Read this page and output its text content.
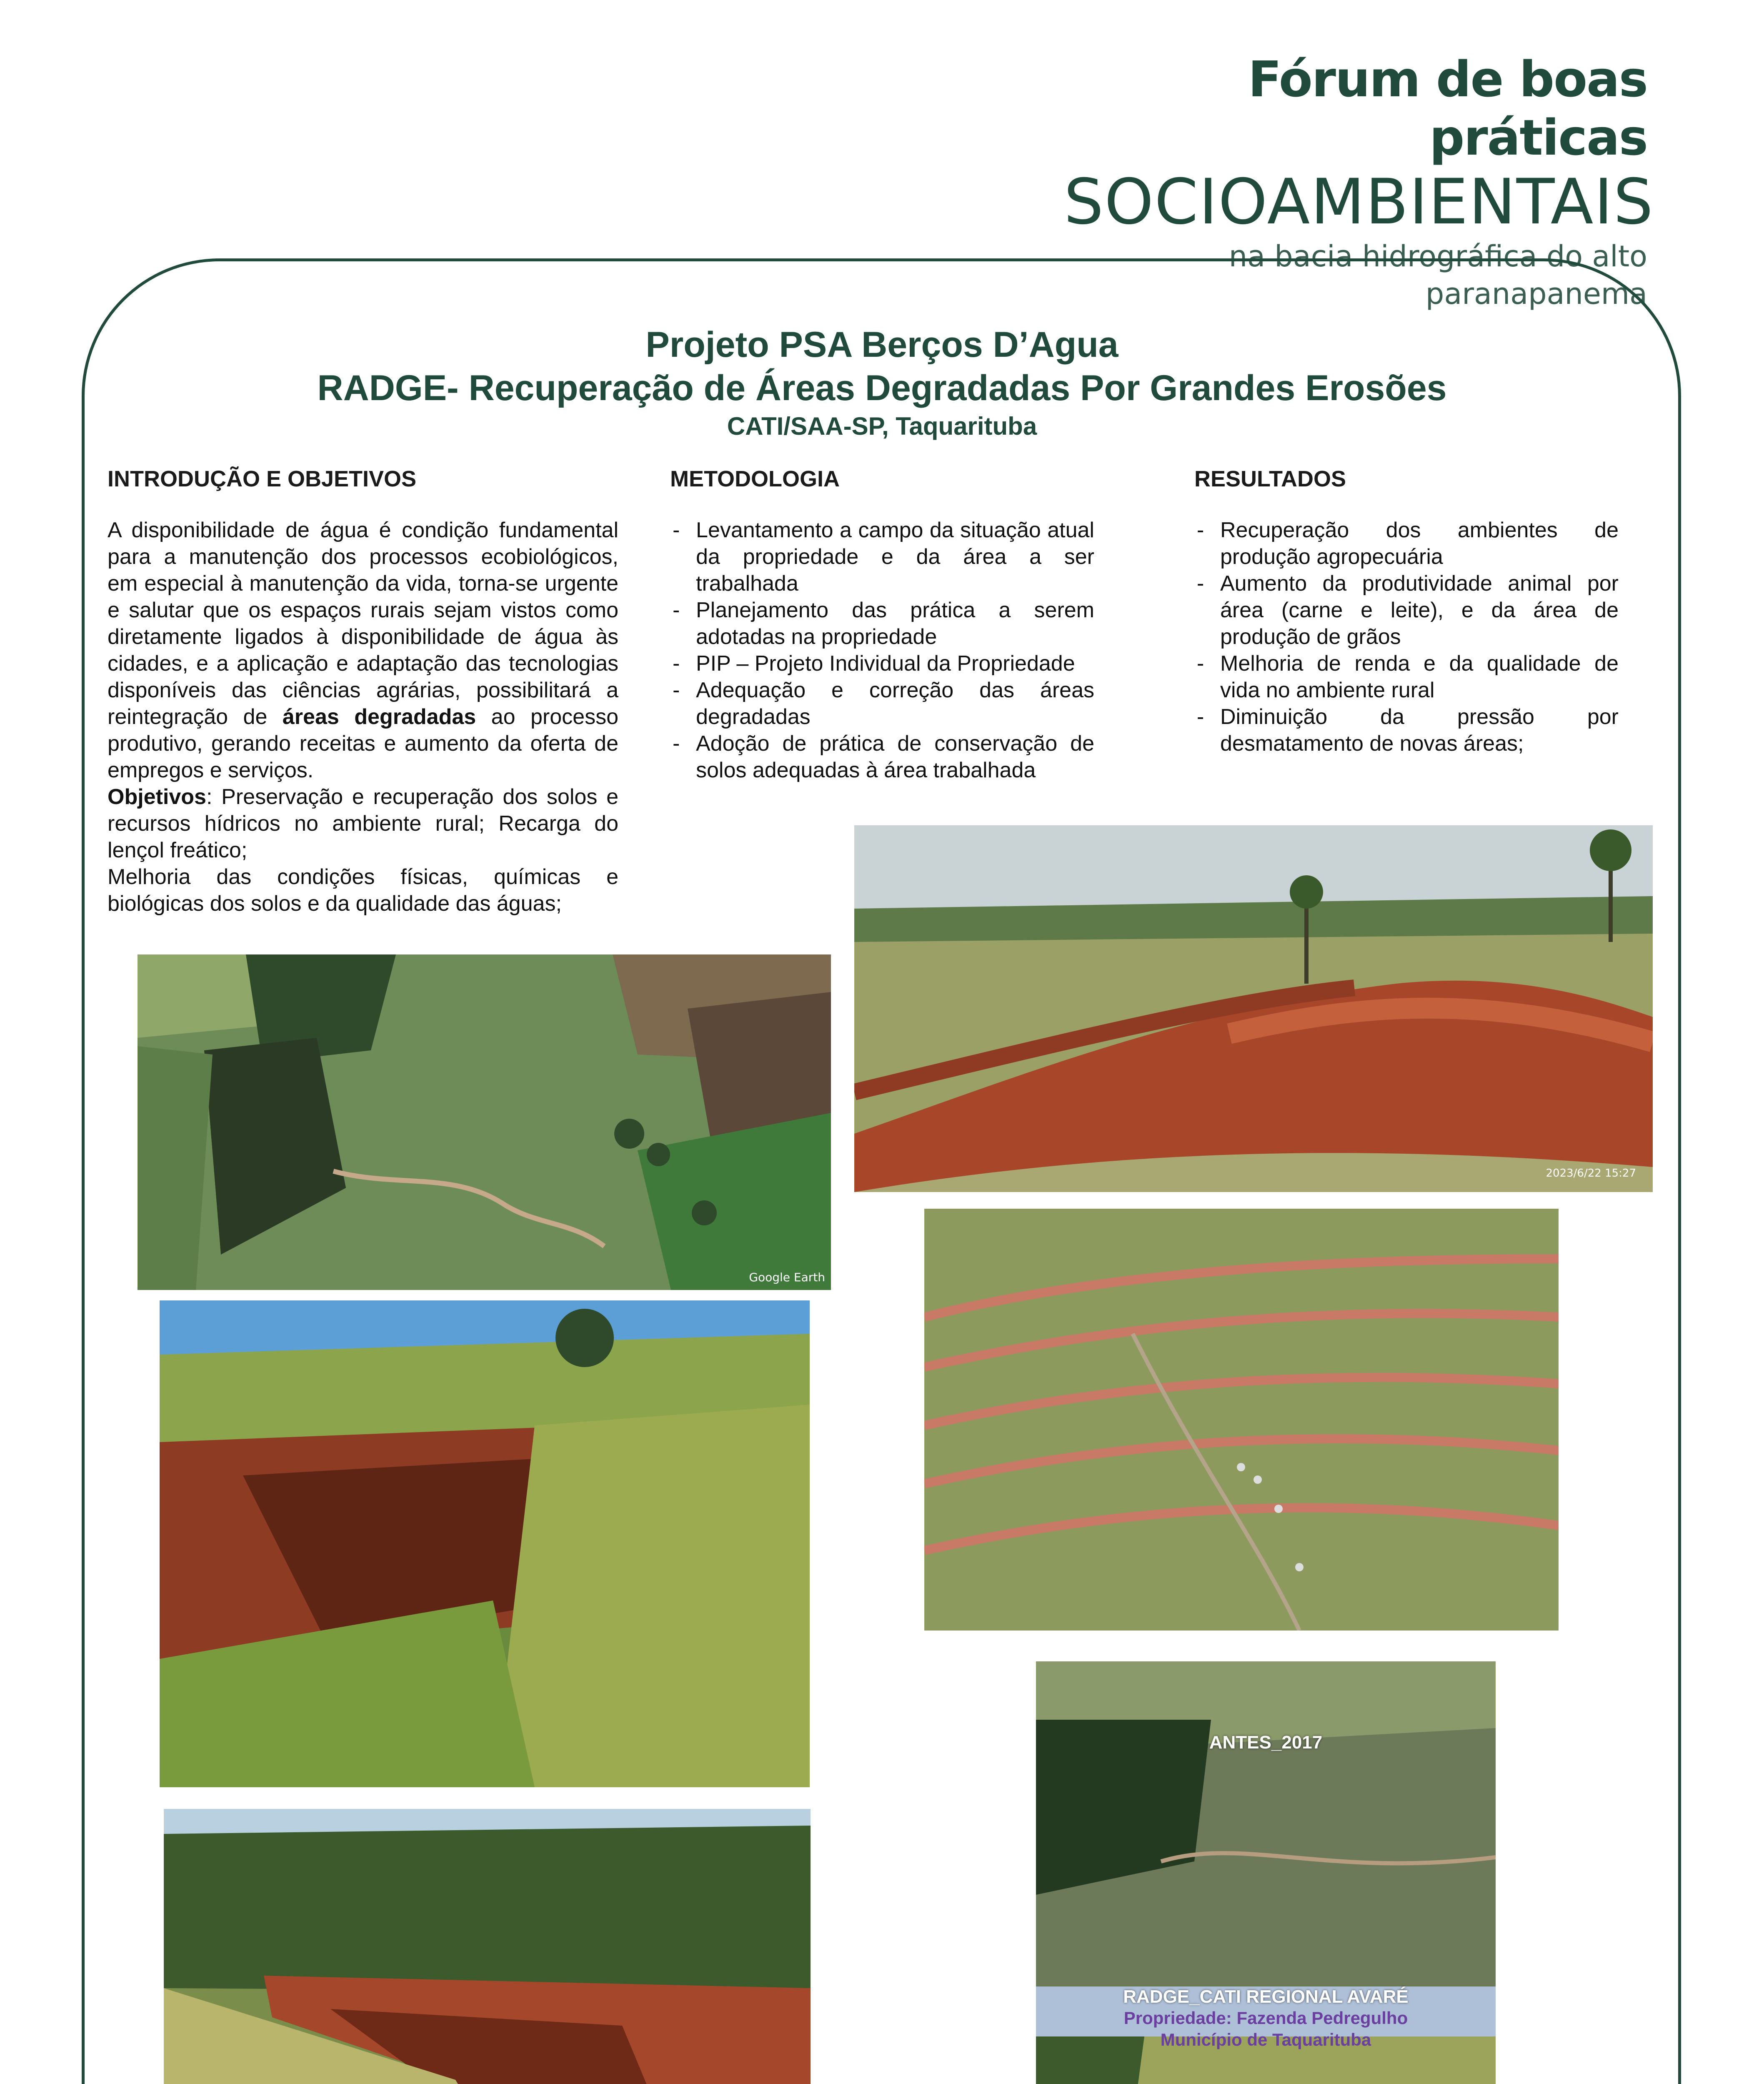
Fórum de boas práticas
SOCIOAMBIENTAIS
na bacia hidrográfica do alto paranapanema
Projeto PSA Berços D’Agua
RADGE- Recuperação de Áreas Degradadas Por Grandes Erosões
CATI/SAA-SP, Taquarituba
INTRODUÇÃO E OBJETIVOS
A disponibilidade de água é condição fundamental para a manutenção dos processos ecobiológicos, em especial à manutenção da vida, torna-se urgente e salutar que os espaços rurais sejam vistos como diretamente ligados à disponibilidade de água às cidades, e a aplicação e adaptação das tecnologias disponíveis das ciências agrárias, possibilitará a reintegração de áreas degradadas ao processo produtivo, gerando receitas e aumento da oferta de empregos e serviços.
Objetivos: Preservação e recuperação dos solos e recursos hídricos no ambiente rural; Recarga do lençol freático;
Melhoria das condições físicas, químicas e biológicas dos solos e da qualidade das águas;
METODOLOGIA
- Levantamento a campo da situação atual da propriedade e da área a ser trabalhada
- Planejamento das prática a serem adotadas na propriedade
- PIP – Projeto Individual da Propriedade
- Adequação e correção das áreas degradadas
- Adoção de prática de conservação de solos adequadas à área trabalhada
RESULTADOS
- Recuperação dos ambientes de produção agropecuária
- Aumento da produtividade animal por área (carne e leite), e da área de produção de grãos
- Melhoria de renda e da qualidade de vida no ambiente rural
- Diminuição da pressão por desmatamento de novas áreas;
Google Earth
2023/6/22 15:27
ANTES_2017
RADGE_CATI REGIONAL AVARÉ
Propriedade: Fazenda Pedregulho
Município de Taquarituba
